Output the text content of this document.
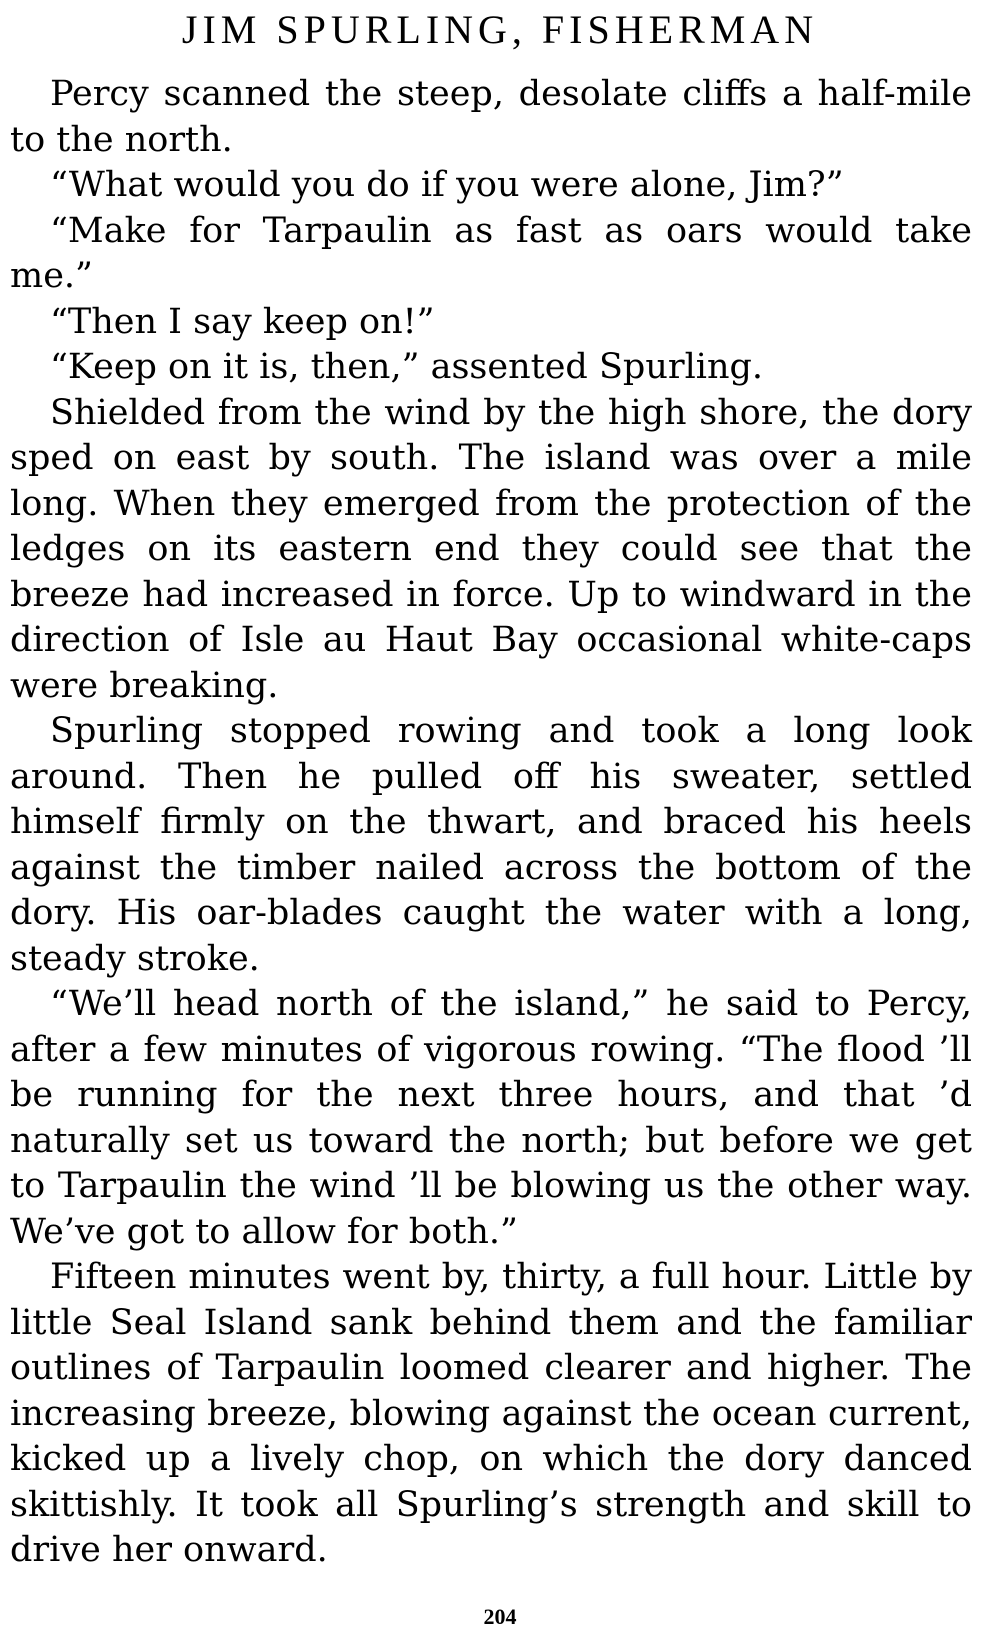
JIM SPURLING, FISHERMAN

Percy scanned the steep, desolate cliffs a half-mile to the north.

“What would you do if you were alone, Jim?”

“Make for Tarpaulin as fast as oars would take me.”

“Then I say keep on!”

“Keep on it is, then,” assented Spurling.

Shielded from the wind by the high shore, the dory sped on east by south. The island was over a mile long. When they emerged from the protection of the ledges on its eastern end they could see that the breeze had increased in force. Up to windward in the direction of Isle au Haut Bay occasional white-caps were breaking.

Spurling stopped rowing and took a long look around. Then he pulled off his sweater, settled himself firmly on the thwart, and braced his heels against the timber nailed across the bottom of the dory. His oar-blades caught the water with a long, steady stroke.

“We’ll head north of the island,” he said to Percy, after a few minutes of vigorous rowing. “The flood ’ll be running for the next three hours, and that ’d naturally set us toward the north; but before we get to Tarpaulin the wind ’ll be blowing us the other way. We’ve got to allow for both.”

Fifteen minutes went by, thirty, a full hour. Little by little Seal Island sank behind them and the familiar outlines of Tarpaulin loomed clearer and higher. The increasing breeze, blowing against the ocean current, kicked up a lively chop, on which the dory danced skittishly. It took all Spurling’s strength and skill to drive her onward.

204
